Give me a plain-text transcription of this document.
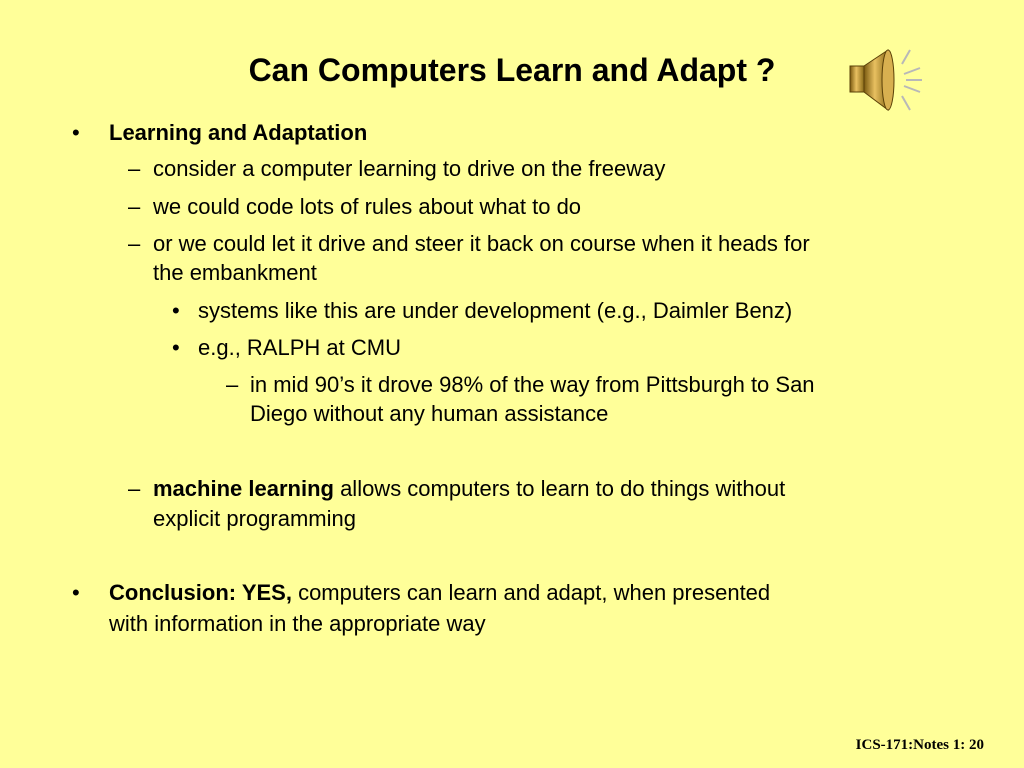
Can Computers Learn and Adapt ?
• Learning and Adaptation
– consider a computer learning to drive on the freeway
– we could code lots of rules about what to do
– or we could let it drive and steer it back on course when it heads for
the embankment
• systems like this are under development (e.g., Daimler Benz)
• e.g., RALPH at CMU
– in mid 90’s it drove 98% of the way from Pittsburgh to San
Diego without any human assistance
– machine learning allows computers to learn to do things without
explicit programming
• Conclusion: YES, computers can learn and adapt, when presented
with information in the appropriate way
ICS-171:Notes 1: 20
